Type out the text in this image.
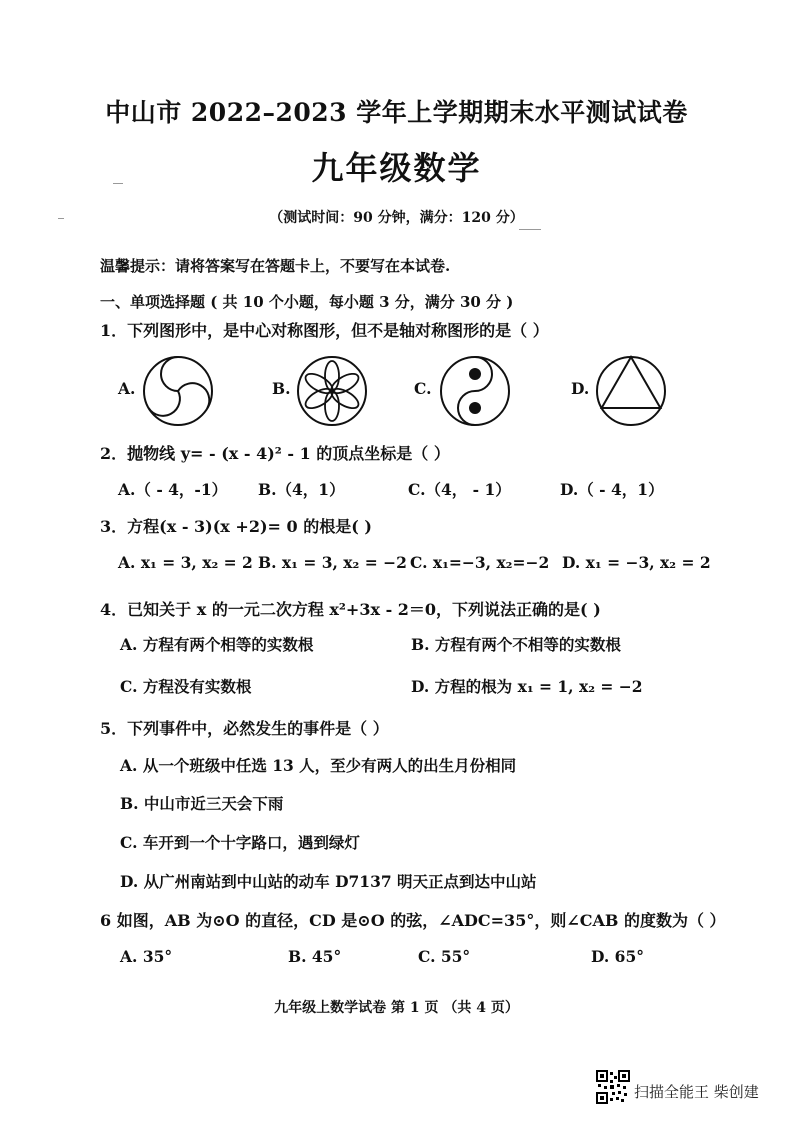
中山市 2022–2023 学年上学期期末水平测试试卷
九年级数学
（测试时间：90 分钟，满分：120 分）
温馨提示：请将答案写在答题卡上，不要写在本试卷.
一、单项选择题 ( 共 10 个小题，每小题 3 分，满分 30 分 )
1．下列图形中，是中心对称图形，但不是轴对称图形的是（ ）
A.	B.	C.	D.
2．抛物线 y= - (x - 4)² - 1 的顶点坐标是（ ）
A.（ - 4，-1） B.（4，1）	C.（4， - 1）	D.（ - 4，1）
3．方程(x - 3)(x +2)= 0 的根是( )
A. x₁ = 3, x₂ = 2 B. x₁ = 3, x₂ = −2 C. x₁=−3, x₂=−2 D. x₁ = −3, x₂ = 2
4．已知关于 x 的一元二次方程 x²+3x - 2＝0，下列说法正确的是( )
A. 方程有两个相等的实数根	B. 方程有两个不相等的实数根
C. 方程没有实数根	D. 方程的根为 x₁ = 1, x₂ = −2
5．下列事件中，必然发生的事件是（ ）
A. 从一个班级中任选 13 人，至少有两人的出生月份相同
B. 中山市近三天会下雨
C. 车开到一个十字路口，遇到绿灯
D. 从广州南站到中山站的动车 D7137 明天正点到达中山站
6 如图，AB 为⊙O 的直径，CD 是⊙O 的弦，∠ADC=35°，则∠CAB 的度数为（ ）
A. 35°	B. 45°	C. 55°	D. 65°
九年级上数学试卷 第 1 页 （共 4 页）
扫描全能王 柴创建
